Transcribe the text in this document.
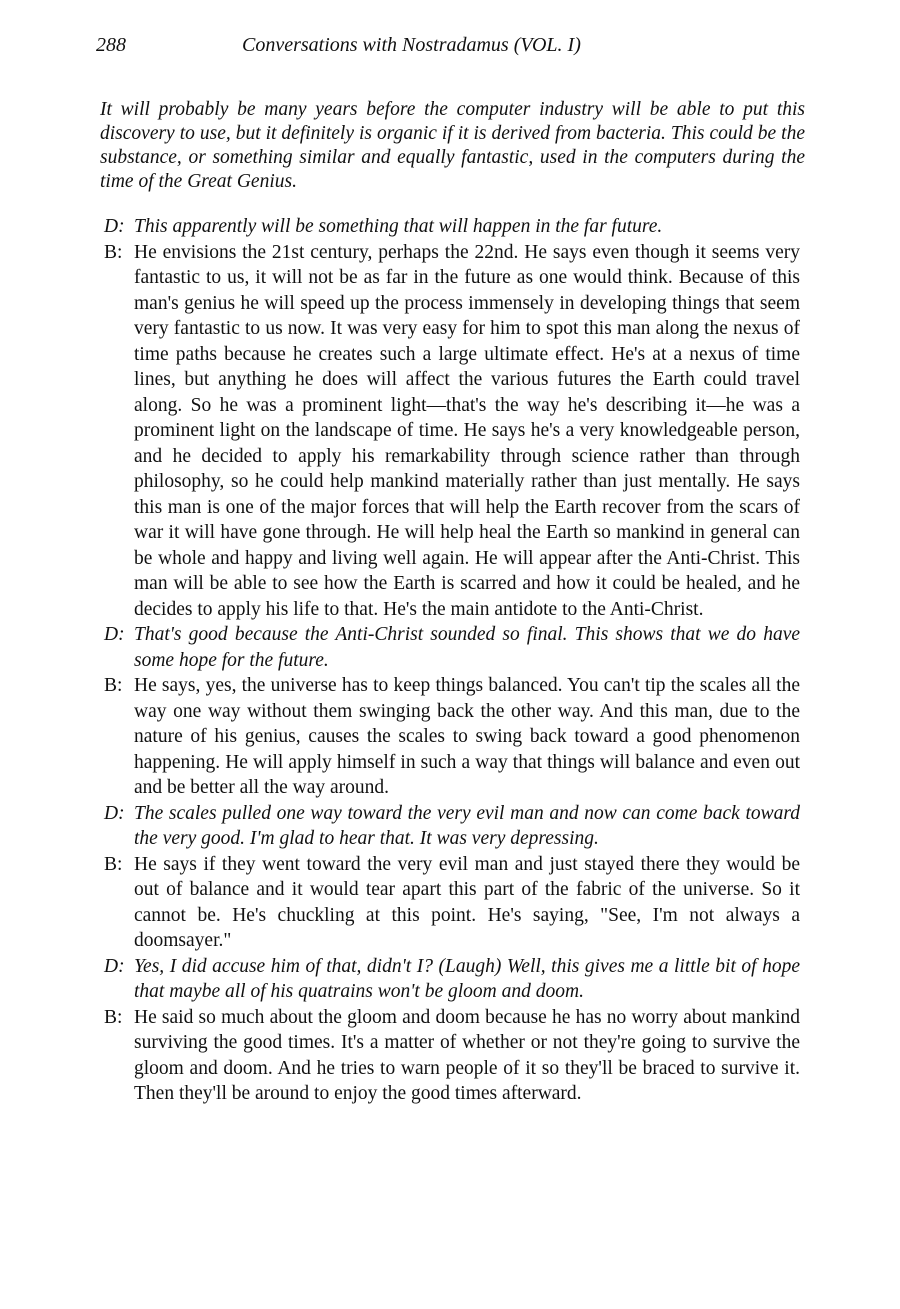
288	Conversations with Nostradamus (VOL. I)
It will probably be many years before the computer industry will be able to put this discovery to use, but it definitely is organic if it is derived from bacteria. This could be the substance, or something similar and equally fantastic, used in the computers during the time of the Great Genius.
D: This apparently will be something that will happen in the far future.
B: He envisions the 21st century, perhaps the 22nd. He says even though it seems very fantastic to us, it will not be as far in the future as one would think. Because of this man's genius he will speed up the process immensely in developing things that seem very fantastic to us now. It was very easy for him to spot this man along the nexus of time paths because he creates such a large ultimate effect. He's at a nexus of time lines, but anything he does will affect the various futures the Earth could travel along. So he was a prominent light—that's the way he's describing it—he was a prominent light on the landscape of time. He says he's a very knowledgeable person, and he decided to apply his remarkability through science rather than through philosophy, so he could help mankind materially rather than just mentally. He says this man is one of the major forces that will help the Earth recover from the scars of war it will have gone through. He will help heal the Earth so mankind in general can be whole and happy and living well again. He will appear after the Anti-Christ. This man will be able to see how the Earth is scarred and how it could be healed, and he decides to apply his life to that. He's the main antidote to the Anti-Christ.
D: That's good because the Anti-Christ sounded so final. This shows that we do have some hope for the future.
B: He says, yes, the universe has to keep things balanced. You can't tip the scales all the way one way without them swinging back the other way. And this man, due to the nature of his genius, causes the scales to swing back toward a good phenomenon happening. He will apply himself in such a way that things will balance and even out and be better all the way around.
D: The scales pulled one way toward the very evil man and now can come back toward the very good. I'm glad to hear that. It was very depressing.
B: He says if they went toward the very evil man and just stayed there they would be out of balance and it would tear apart this part of the fabric of the universe. So it cannot be. He's chuckling at this point. He's saying, "See, I'm not always a doomsayer."
D: Yes, I did accuse him of that, didn't I? (Laugh) Well, this gives me a little bit of hope that maybe all of his quatrains won't be gloom and doom.
B: He said so much about the gloom and doom because he has no worry about mankind surviving the good times. It's a matter of whether or not they're going to survive the gloom and doom. And he tries to warn people of it so they'll be braced to survive it. Then they'll be around to enjoy the good times afterward.
